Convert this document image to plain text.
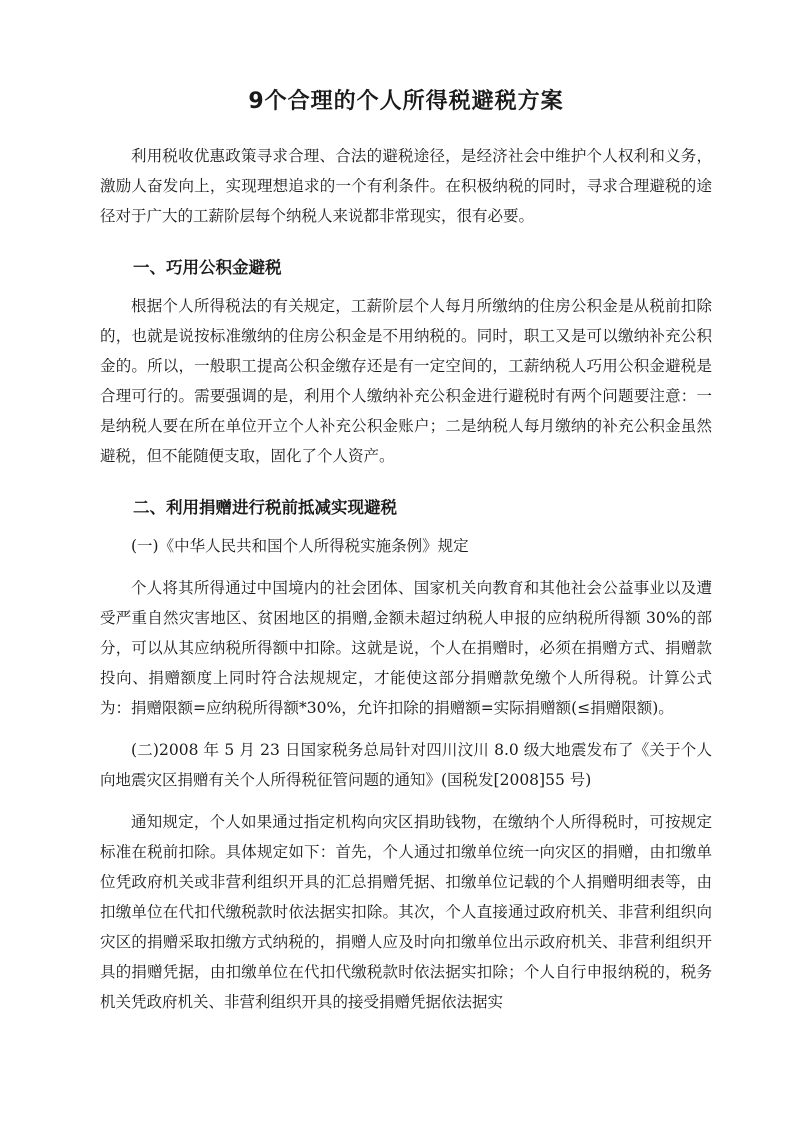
9个合理的个人所得税避税方案

利用税收优惠政策寻求合理、合法的避税途径，是经济社会中维护个人权利和义务，激励人奋发向上，实现理想追求的一个有利条件。在积极纳税的同时，寻求合理避税的途径对于广大的工薪阶层每个纳税人来说都非常现实，很有必要。

一、巧用公积金避税

根据个人所得税法的有关规定，工薪阶层个人每月所缴纳的住房公积金是从税前扣除的，也就是说按标准缴纳的住房公积金是不用纳税的。同时，职工又是可以缴纳补充公积金的。所以，一般职工提高公积金缴存还是有一定空间的，工薪纳税人巧用公积金避税是合理可行的。需要强调的是，利用个人缴纳补充公积金进行避税时有两个问题要注意：一是纳税人要在所在单位开立个人补充公积金账户；二是纳税人每月缴纳的补充公积金虽然避税，但不能随便支取，固化了个人资产。

二、利用捐赠进行税前抵减实现避税

(一)《中华人民共和国个人所得税实施条例》规定

个人将其所得通过中国境内的社会团体、国家机关向教育和其他社会公益事业以及遭受严重自然灾害地区、贫困地区的捐赠,金额未超过纳税人申报的应纳税所得额 30%的部分，可以从其应纳税所得额中扣除。这就是说，个人在捐赠时，必须在捐赠方式、捐赠款投向、捐赠额度上同时符合法规规定，才能使这部分捐赠款免缴个人所得税。计算公式为：捐赠限额=应纳税所得额*30%，允许扣除的捐赠额=实际捐赠额(≤捐赠限额)。

(二)2008 年 5 月 23 日国家税务总局针对四川汶川 8.0 级大地震发布了《关于个人向地震灾区捐赠有关个人所得税征管问题的通知》(国税发[2008]55 号)

通知规定，个人如果通过指定机构向灾区捐助钱物，在缴纳个人所得税时，可按规定标准在税前扣除。具体规定如下：首先，个人通过扣缴单位统一向灾区的捐赠，由扣缴单位凭政府机关或非营利组织开具的汇总捐赠凭据、扣缴单位记载的个人捐赠明细表等，由扣缴单位在代扣代缴税款时依法据实扣除。其次，个人直接通过政府机关、非营利组织向灾区的捐赠采取扣缴方式纳税的，捐赠人应及时向扣缴单位出示政府机关、非营利组织开具的捐赠凭据，由扣缴单位在代扣代缴税款时依法据实扣除；个人自行申报纳税的，税务机关凭政府机关、非营利组织开具的接受捐赠凭据依法据实
